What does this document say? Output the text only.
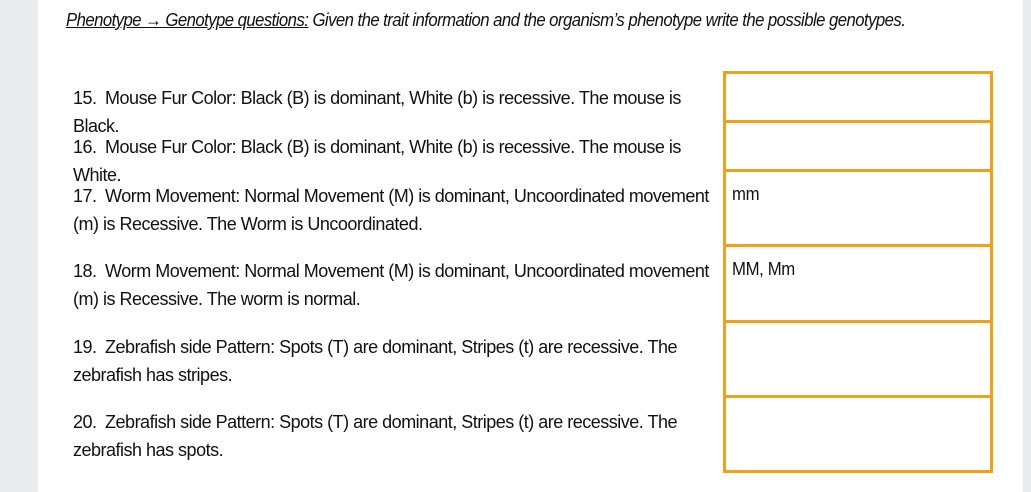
Phenotype → Genotype questions: Given the trait information and the organism’s phenotype write the possible genotypes.
15. Mouse Fur Color: Black (B) is dominant, White (b) is recessive. The mouse is Black.
16. Mouse Fur Color: Black (B) is dominant, White (b) is recessive. The mouse is White.
17. Worm Movement: Normal Movement (M) is dominant, Uncoordinated movement (m) is Recessive. The Worm is Uncoordinated.
18. Worm Movement: Normal Movement (M) is dominant, Uncoordinated movement (m) is Recessive. The worm is normal.
19. Zebrafish side Pattern: Spots (T) are dominant, Stripes (t) are recessive. The zebrafish has stripes.
20. Zebrafish side Pattern: Spots (T) are dominant, Stripes (t) are recessive. The zebrafish has spots.
mm
MM, Mm
